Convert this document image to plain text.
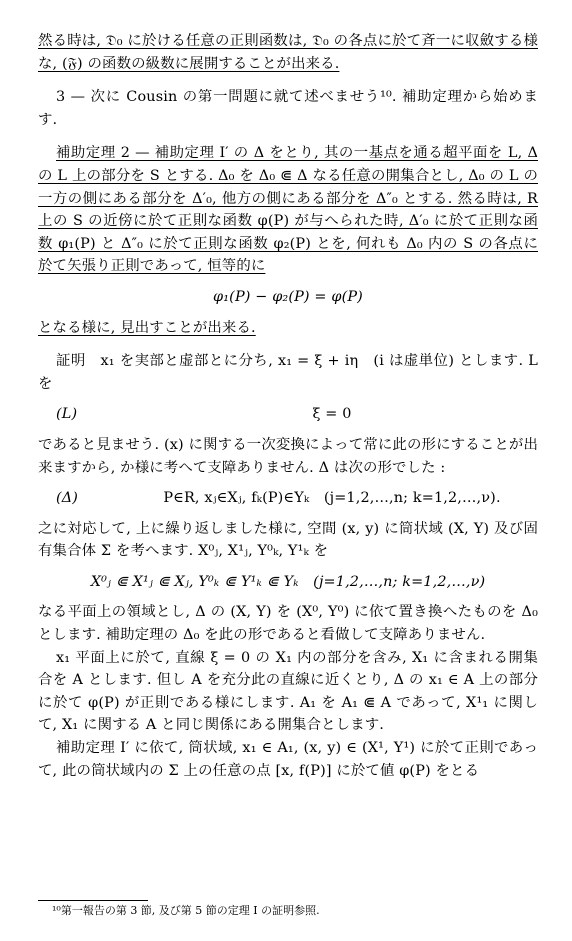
然る時は, 𝔇₀ に於ける任意の正則函数は, 𝔇₀ の各点に於て斉一に収斂する様な, (𝔉) の函数の級数に展開することが出来る.

3 — 次に Cousin の第一問題に就て述べませう¹⁰. 補助定理から始めます.

補助定理 2 — 補助定理 I′ の Δ をとり, 其の一基点を通る超平面を L, Δ の L 上の部分を S とする. Δ₀ を Δ₀ ⋐ Δ なる任意の開集合とし, Δ₀ の L の一方の側にある部分を Δ′₀, 他方の側にある部分を Δ″₀ とする. 然る時は, R 上の S の近傍に於て正則な函数 φ(P) が与へられた時, Δ′₀ に於て正則な函数 φ₁(P) と Δ″₀ に於て正則な函数 φ₂(P) とを, 何れも Δ₀ 内の S の各点に於て矢張り正則であって, 恒等的に

φ₁(P) − φ₂(P) = φ(P)

となる様に, 見出すことが出来る.

証明　x₁ を実部と虚部とに分ち, x₁ = ξ + iη　(i は虚単位) とします. L を

(L)	ξ = 0

であると見ませう. (x) に関する一次変換によって常に此の形にすることが出来ますから, か様に考へて支障ありません. Δ は次の形でした :

(Δ)	P∈R, xⱼ∈Xⱼ, fₖ(P)∈Yₖ　(j=1,2,…,n; k=1,2,…,ν).

之に対応して, 上に繰り返しました様に, 空間 (x, y) に筒状域 (X, Y) 及び固有集合体 Σ を考へます. X⁰ⱼ, X¹ⱼ, Y⁰ₖ, Y¹ₖ を

X⁰ⱼ ⋐ X¹ⱼ ⋐ Xⱼ, Y⁰ₖ ⋐ Y¹ₖ ⋐ Yₖ　(j=1,2,…,n; k=1,2,…,ν)

なる平面上の領域とし, Δ の (X, Y) を (X⁰, Y⁰) に依て置き換へたものを Δ₀ とします. 補助定理の Δ₀ を此の形であると看做して支障ありません.

x₁ 平面上に於て, 直線 ξ = 0 の X₁ 内の部分を含み, X₁ に含まれる開集合を A とします. 但し A を充分此の直線に近くとり, Δ の x₁ ∈ A 上の部分に於て φ(P) が正則である様にします. A₁ を A₁ ⋐ A であって, X¹₁ に関して, X₁ に関する A と同じ関係にある開集合とします.

補助定理 I′ に依て, 筒状域, x₁ ∈ A₁, (x, y) ∈ (X¹, Y¹) に於て正則であって, 此の筒状域内の Σ 上の任意の点 [x, f(P)] に於て値 φ(P) をとる

¹⁰第一報告の第 3 節, 及び第 5 節の定理 I の証明参照.
